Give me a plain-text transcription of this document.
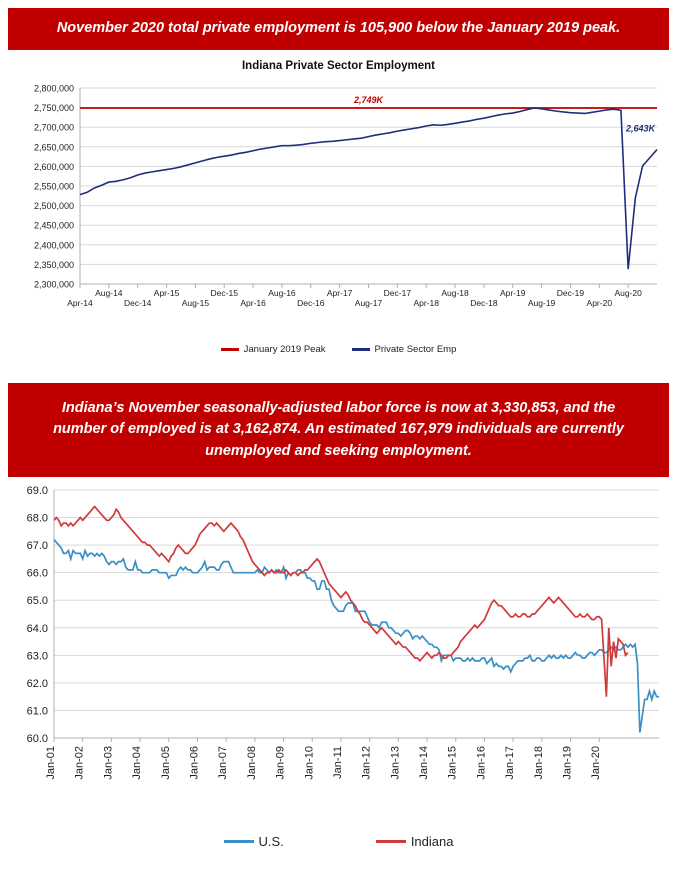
November 2020 total private employment is 105,900 below the January 2019 peak.
Indiana Private Sector Employment
2,300,000
2,350,000
2,400,000
2,450,000
2,500,000
2,550,000
2,600,000
2,650,000
2,700,000
2,750,000
2,800,000
Apr-14
Aug-14
Dec-14
Apr-15
Aug-15
Dec-15
Apr-16
Aug-16
Dec-16
Apr-17
Aug-17
Dec-17
Apr-18
Aug-18
Dec-18
Apr-19
Aug-19
Dec-19
Apr-20
Aug-20
2,749K
2,643K
January 2019 Peak	Private Sector Emp
Indiana’s November seasonally-adjusted labor force is now at 3,330,853, and the number of employed is at 3,162,874. An estimated 167,979 individuals are currently unemployed and seeking employment.
60.0
61.0
62.0
63.0
64.0
65.0
66.0
67.0
68.0
69.0
Jan-01 Jan-02 Jan-03 Jan-04 Jan-05 Jan-06 Jan-07 Jan-08 Jan-09 Jan-10 Jan-11 Jan-12 Jan-13 Jan-14 Jan-15 Jan-16 Jan-17 Jan-18 Jan-19 Jan-20
U.S.	Indiana
